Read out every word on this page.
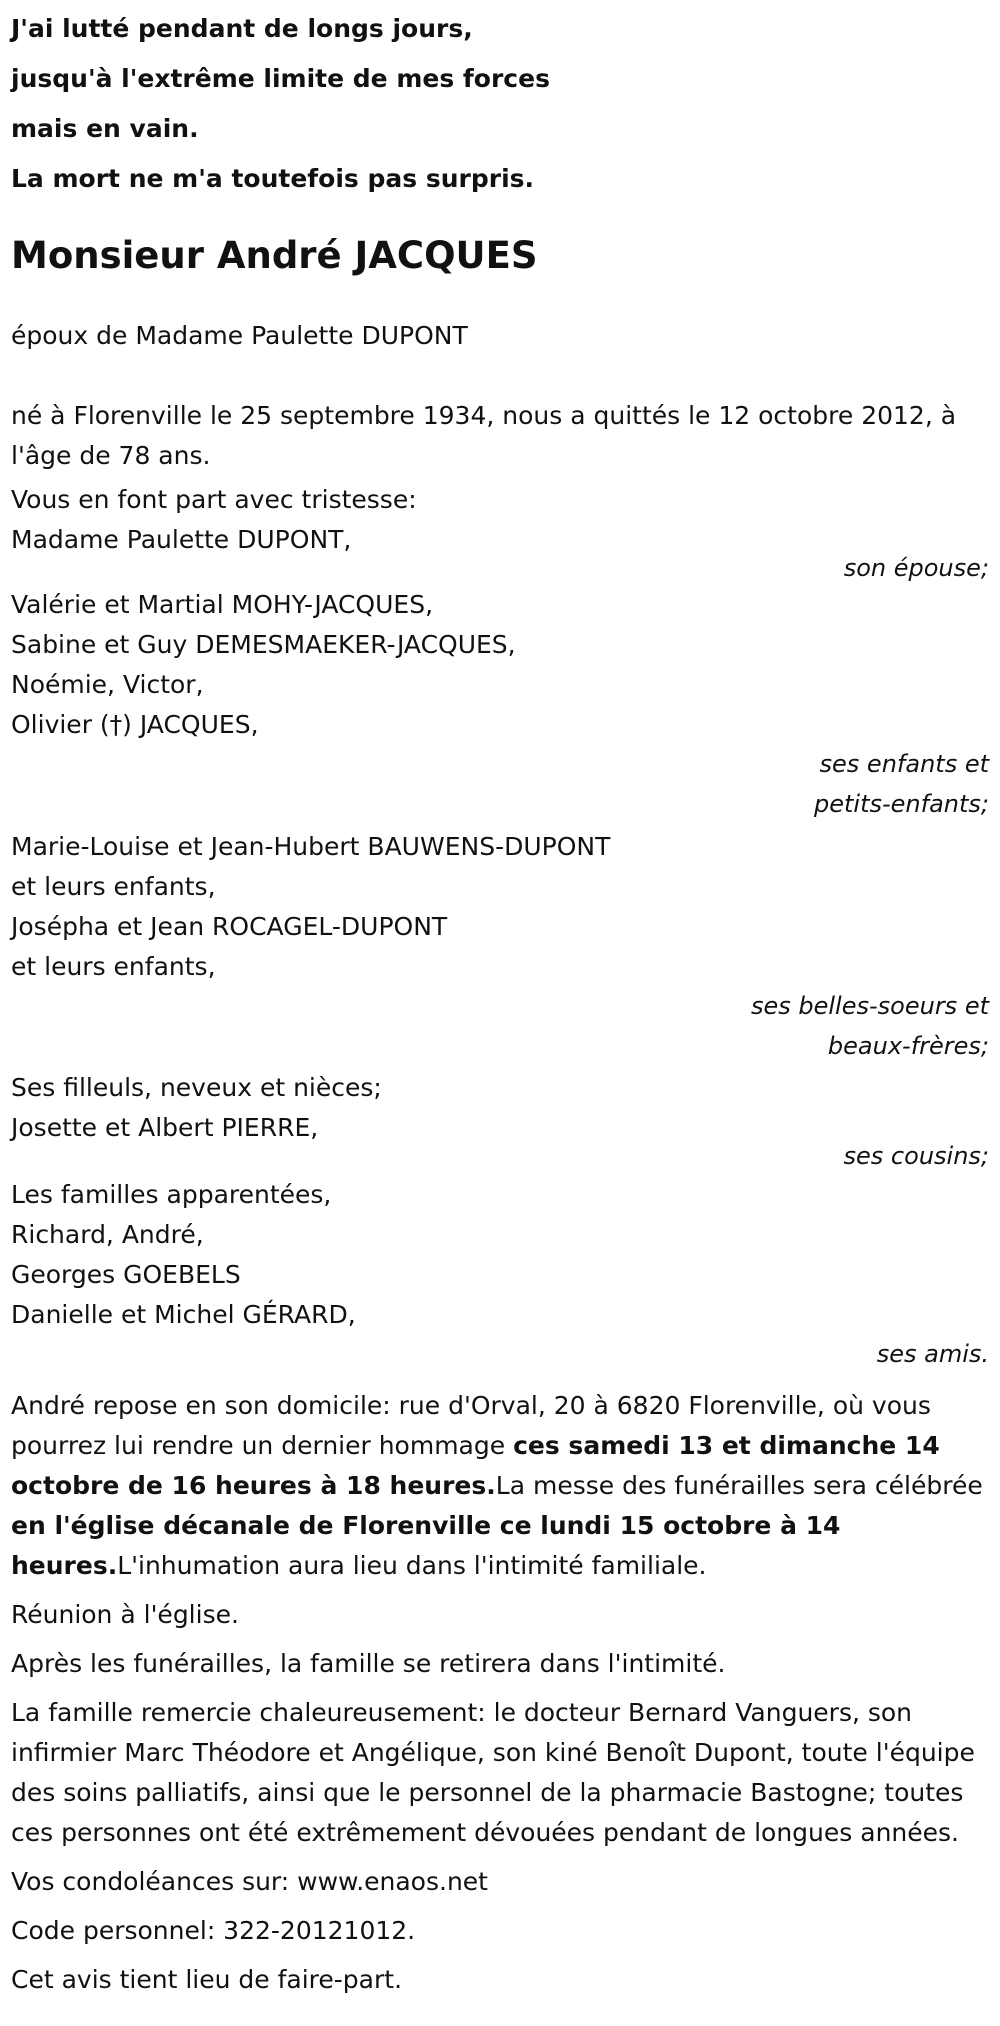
J'ai lutté pendant de longs jours,
jusqu'à l'extrême limite de mes forces
mais en vain.
La mort ne m'a toutefois pas surpris.
Monsieur André JACQUES
époux de Madame Paulette DUPONT

né à Florenville le 25 septembre 1934, nous a quittés le 12 octobre 2012, à l'âge de 78 ans.

Vous en font part avec tristesse:

Madame Paulette DUPONT,
son épouse;
Valérie et Martial MOHY-JACQUES,
Sabine et Guy DEMESMAEKER-JACQUES,
Noémie, Victor,
Olivier (†) JACQUES,
ses enfants et
petits-enfants;
Marie-Louise et Jean-Hubert BAUWENS-DUPONT
et leurs enfants,
Josépha et Jean ROCAGEL-DUPONT
et leurs enfants,
ses belles-soeurs et
beaux-frères;
Ses filleuls, neveux et nièces;
Josette et Albert PIERRE,
ses cousins;
Les familles apparentées,
Richard, André,
Georges GOEBELS
Danielle et Michel GÉRARD,
ses amis.

André repose en son domicile: rue d'Orval, 20 à 6820 Florenville, où vous pourrez lui rendre un dernier hommage ces samedi 13 et dimanche 14 octobre de 16 heures à 18 heures.La messe des funérailles sera célébrée en l'église décanale de Florenville ce lundi 15 octobre à 14 heures.L'inhumation aura lieu dans l'intimité familiale.

Réunion à l'église.

Après les funérailles, la famille se retirera dans l'intimité.

La famille remercie chaleureusement: le docteur Bernard Vanguers, son infirmier Marc Théodore et Angélique, son kiné Benoît Dupont, toute l'équipe des soins palliatifs, ainsi que le personnel de la pharmacie Bastogne; toutes ces personnes ont été extrêmement dévouées pendant de longues années.

Vos condoléances sur: www.enaos.net

Code personnel: 322-20121012.

Cet avis tient lieu de faire-part.
